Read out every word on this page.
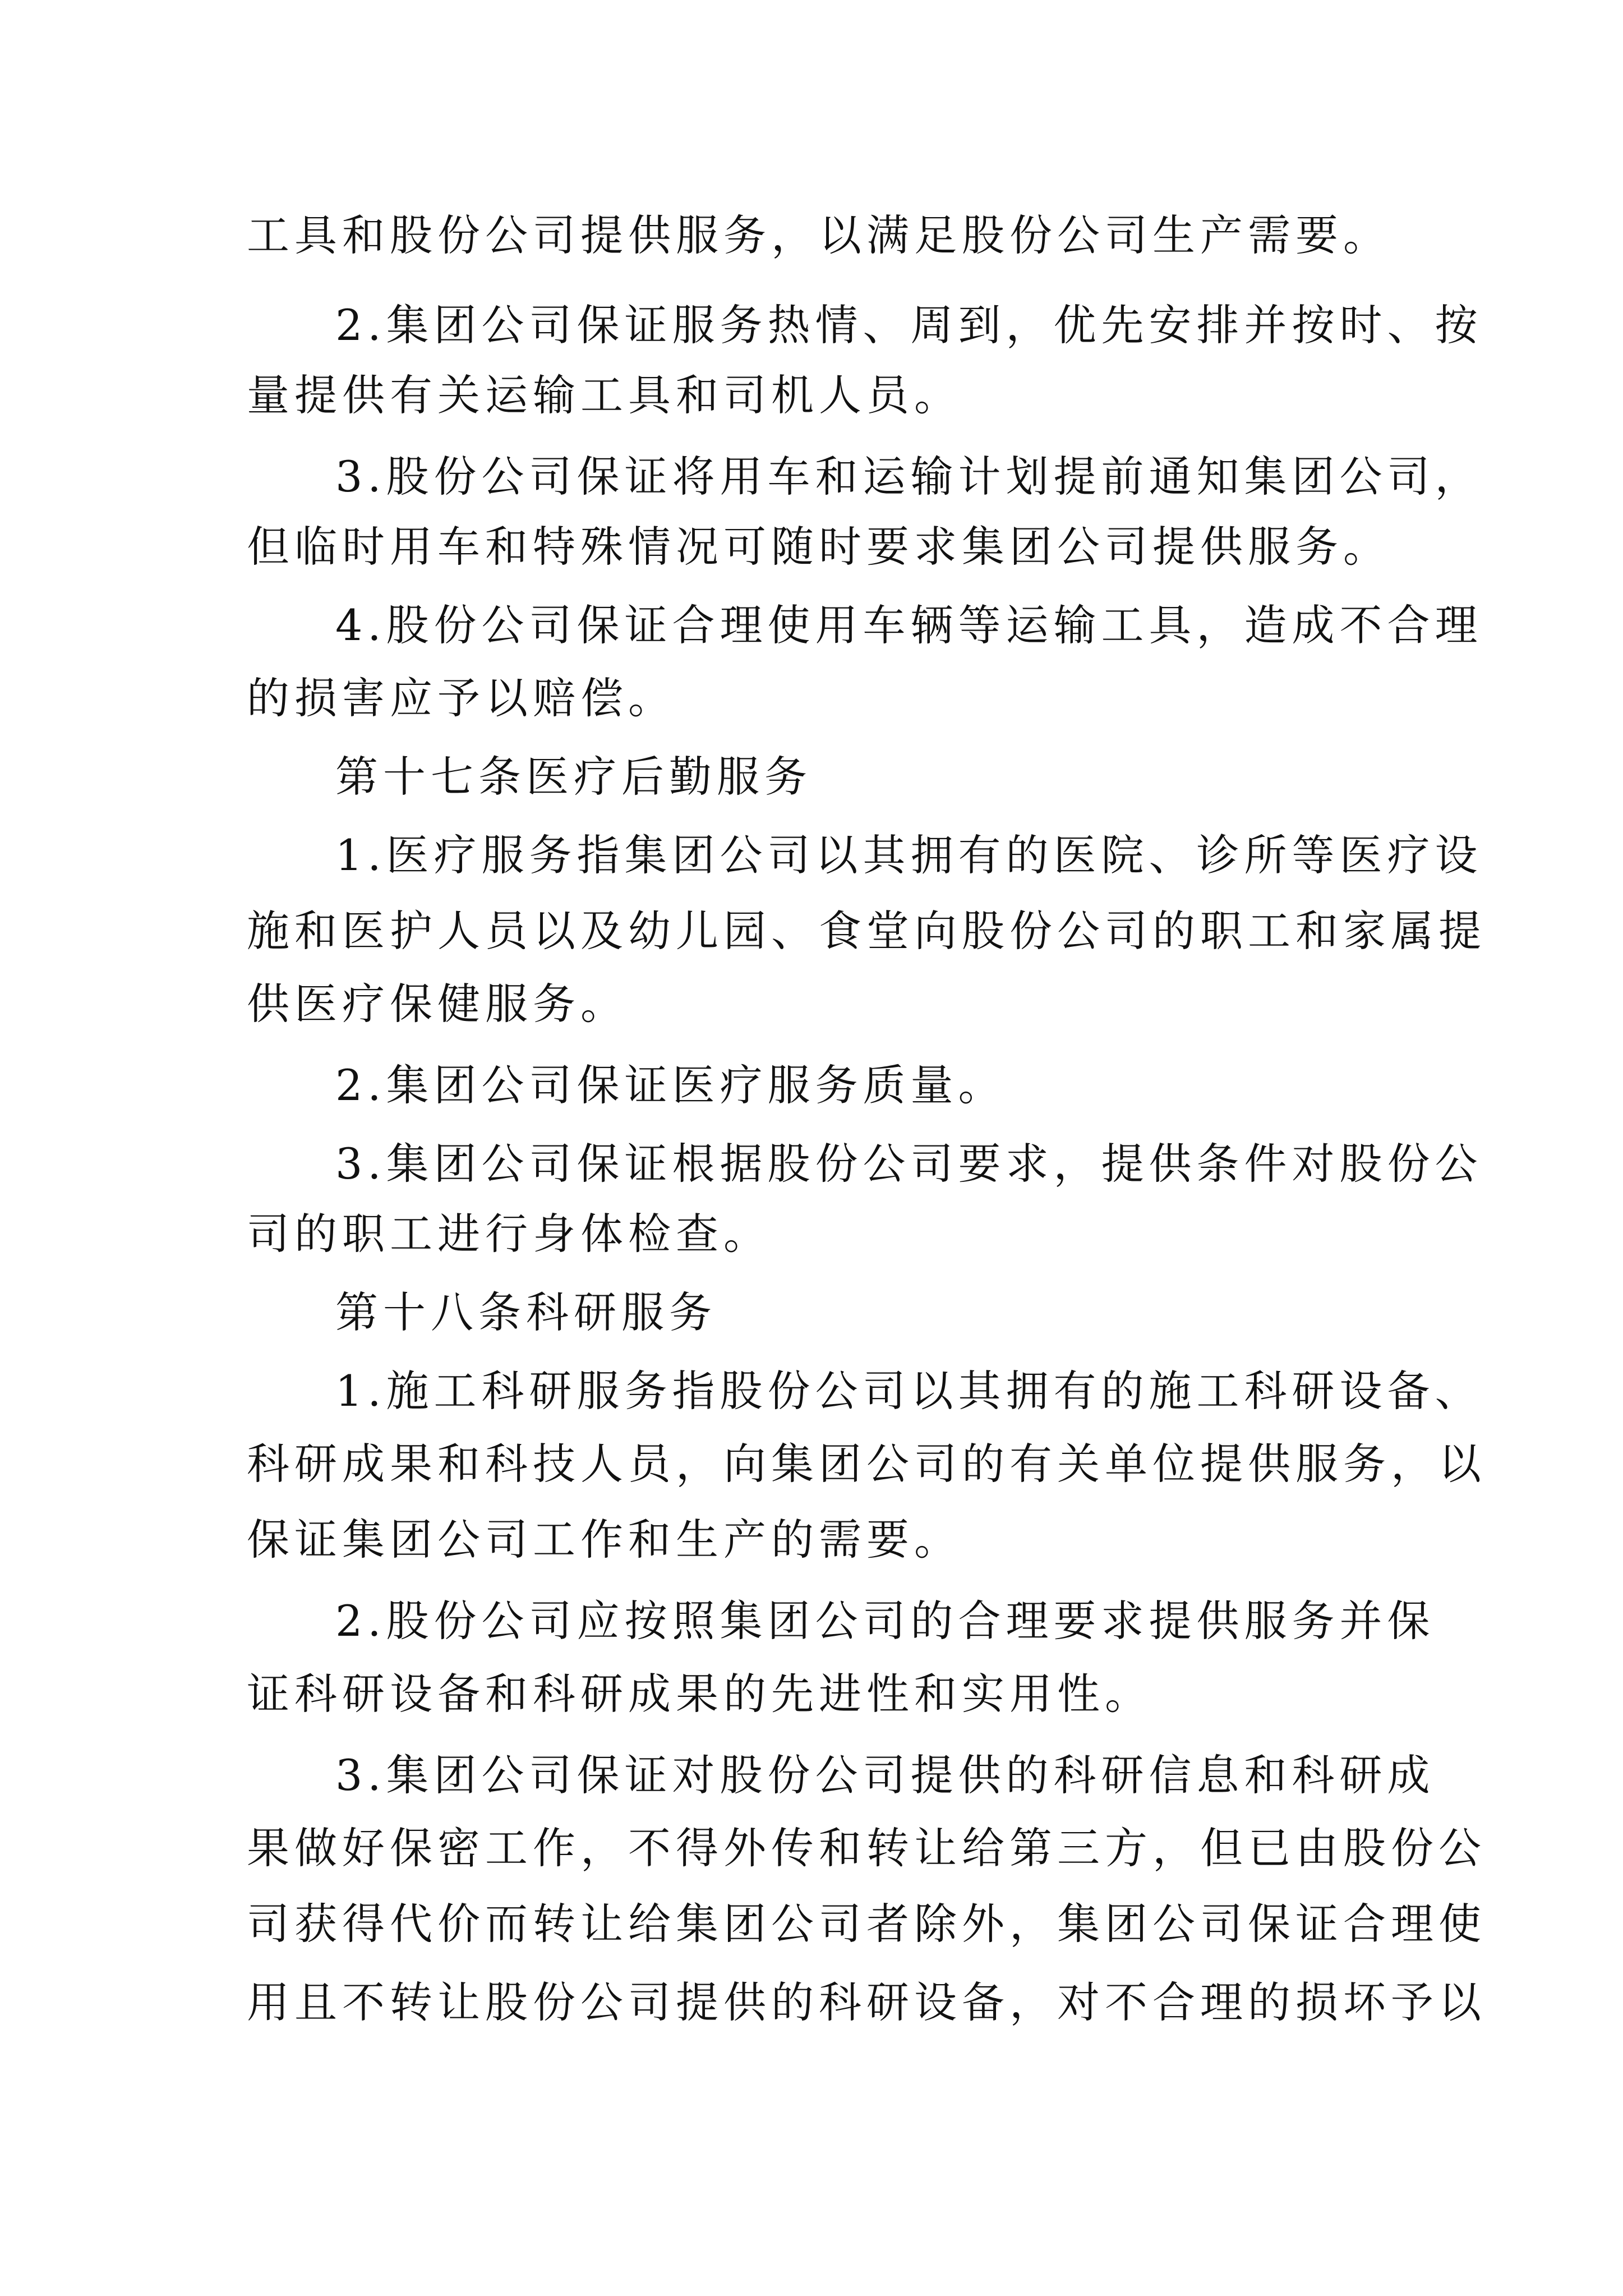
工具和股份公司提供服务，以满足股份公司生产需要。

2.集团公司保证服务热情、周到，优先安排并按时、按

量提供有关运输工具和司机人员。

3.股份公司保证将用车和运输计划提前通知集团公司，

但临时用车和特殊情况可随时要求集团公司提供服务。

4.股份公司保证合理使用车辆等运输工具，造成不合理

的损害应予以赔偿。

第十七条医疗后勤服务

1.医疗服务指集团公司以其拥有的医院、诊所等医疗设

施和医护人员以及幼儿园、食堂向股份公司的职工和家属提

供医疗保健服务。

2.集团公司保证医疗服务质量。

3.集团公司保证根据股份公司要求，提供条件对股份公

司的职工进行身体检查。

第十八条科研服务

1.施工科研服务指股份公司以其拥有的施工科研设备、

科研成果和科技人员，向集团公司的有关单位提供服务，以

保证集团公司工作和生产的需要。

2.股份公司应按照集团公司的合理要求提供服务并保

证科研设备和科研成果的先进性和实用性。

3.集团公司保证对股份公司提供的科研信息和科研成

果做好保密工作，不得外传和转让给第三方，但已由股份公

司获得代价而转让给集团公司者除外，集团公司保证合理使

用且不转让股份公司提供的科研设备，对不合理的损坏予以
